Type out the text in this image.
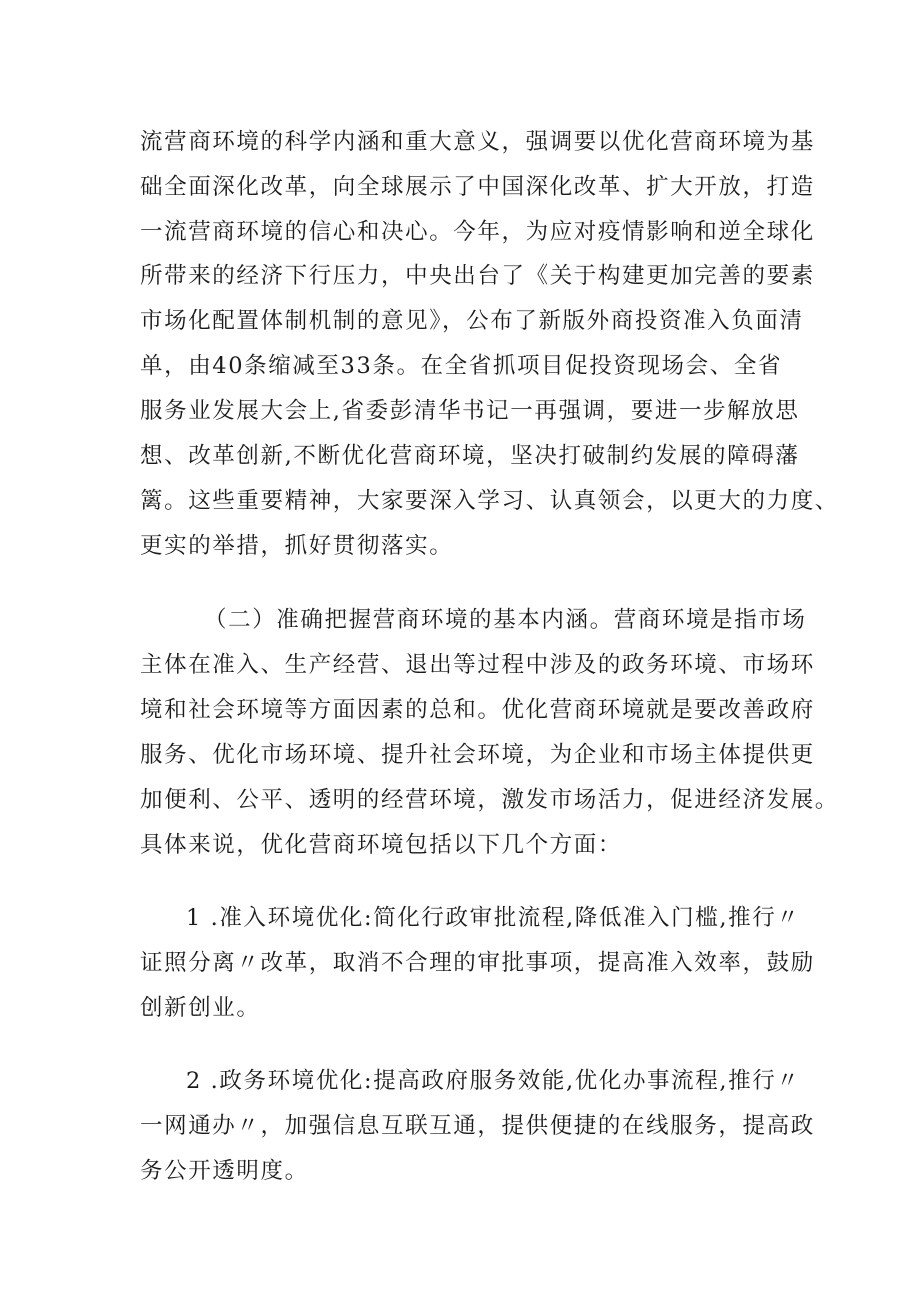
流营商环境的科学内涵和重大意义，强调要以优化营商环境为基
础全面深化改革，向全球展示了中国深化改革、扩大开放，打造
一流营商环境的信心和决心。今年，为应对疫情影响和逆全球化
所带来的经济下行压力，中央出台了《关于构建更加完善的要素
市场化配置体制机制的意见》，公布了新版外商投资准入负面清
单，由40条缩减至33条。在全省抓项目促投资现场会、全省
服务业发展大会上,省委彭清华书记一再强调，要进一步解放思
想、改革创新,不断优化营商环境，坚决打破制约发展的障碍藩
篱。这些重要精神，大家要深入学习、认真领会，以更大的力度、
更实的举措，抓好贯彻落实。
（二）准确把握营商环境的基本内涵。营商环境是指市场
主体在准入、生产经营、退出等过程中涉及的政务环境、市场环
境和社会环境等方面因素的总和。优化营商环境就是要改善政府
服务、优化市场环境、提升社会环境，为企业和市场主体提供更
加便利、公平、透明的经营环境，激发市场活力，促进经济发展。
具体来说，优化营商环境包括以下几个方面：
1 .准入环境优化:简化行政审批流程,降低准入门槛,推行〃
证照分离〃改革，取消不合理的审批事项，提高准入效率，鼓励
创新创业。
2 .政务环境优化:提高政府服务效能,优化办事流程,推行〃
一网通办〃，加强信息互联互通，提供便捷的在线服务，提高政
务公开透明度。
